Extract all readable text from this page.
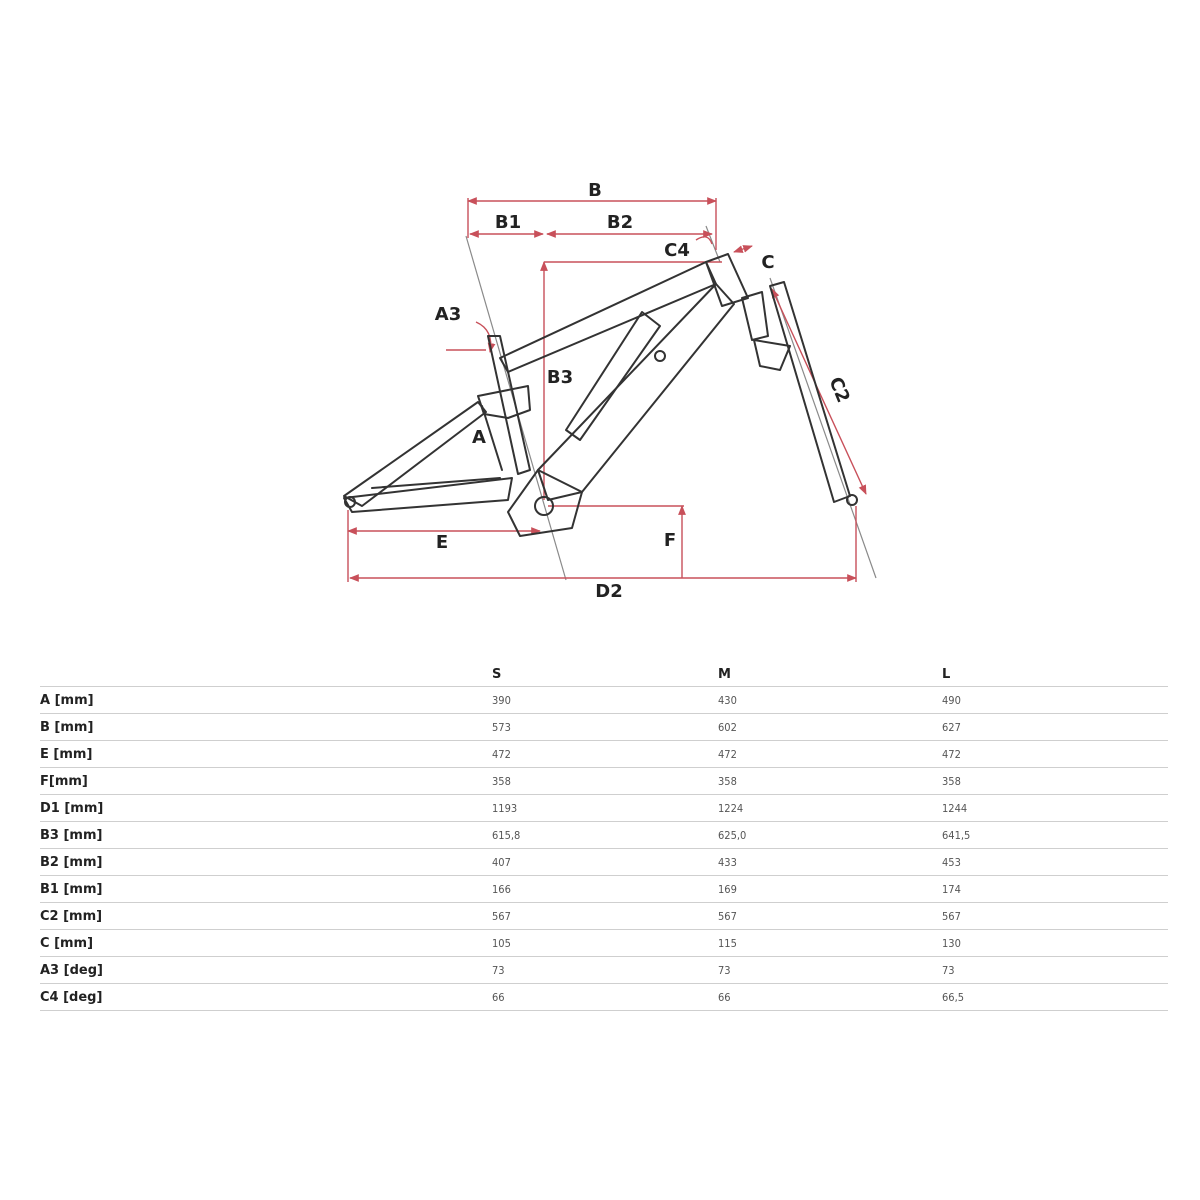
B
B1	B2
C4
C
A3
B3	C2
A
E	F
D2
	S	M	L
A [mm]	390	430	490
B [mm]	573	602	627
E [mm]	472	472	472
F[mm]	358	358	358
D1 [mm]	1193	1224	1244
B3 [mm]	615,8	625,0	641,5
B2 [mm]	407	433	453
B1 [mm]	166	169	174
C2 [mm]	567	567	567
C [mm]	105	115	130
A3 [deg]	73	73	73
C4 [deg]	66	66	66,5
